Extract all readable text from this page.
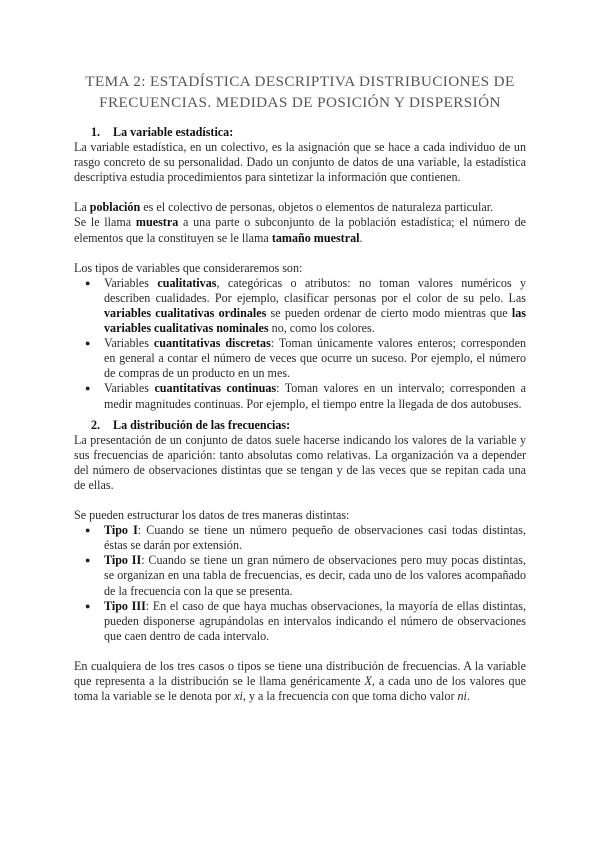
TEMA 2: ESTADÍSTICA DESCRIPTIVA DISTRIBUCIONES DE FRECUENCIAS. MEDIDAS DE POSICIÓN Y DISPERSIÓN
1. La variable estadística:

La variable estadística, en un colectivo, es la asignación que se hace a cada individuo de un rasgo concreto de su personalidad. Dado un conjunto de datos de una variable, la estadística descriptiva estudia procedimientos para sintetizar la información que contienen.

La población es el colectivo de personas, objetos o elementos de naturaleza particular.

Se le llama muestra a una parte o subconjunto de la población estadística; el número de elementos que la constituyen se le llama tamaño muestral.

Los tipos de variables que consideraremos son:

● Variables cualitativas, categóricas o atributos: no toman valores numéricos y describen cualidades. Por ejemplo, clasificar personas por el color de su pelo. Las variables cualitativas ordinales se pueden ordenar de cierto modo mientras que las variables cualitativas nominales no, como los colores.
● Variables cuantitativas discretas: Toman únicamente valores enteros; corresponden en general a contar el número de veces que ocurre un suceso. Por ejemplo, el número de compras de un producto en un mes.
● Variables cuantitativas continuas: Toman valores en un intervalo; corresponden a medir magnitudes continuas. Por ejemplo, el tiempo entre la llegada de dos autobuses.
2. La distribución de las frecuencias:

La presentación de un conjunto de datos suele hacerse indicando los valores de la variable y sus frecuencias de aparición: tanto absolutas como relativas. La organización va a depender del número de observaciones distintas que se tengan y de las veces que se repitan cada una de ellas.

Se pueden estructurar los datos de tres maneras distintas:

● Tipo I: Cuando se tiene un número pequeño de observaciones casi todas distintas, éstas se darán por extensión.
● Tipo II: Cuando se tiene un gran número de observaciones pero muy pocas distintas, se organizan en una tabla de frecuencias, es decir, cada uno de los valores acompañado de la frecuencia con la que se presenta.
● Tipo III: En el caso de que haya muchas observaciones, la mayoría de ellas distintas, pueden disponerse agrupándolas en intervalos indicando el número de observaciones que caen dentro de cada intervalo.

En cualquiera de los tres casos o tipos se tiene una distribución de frecuencias. A la variable que representa a la distribución se le llama genéricamente X, a cada uno de los valores que toma la variable se le denota por xi, y a la frecuencia con que toma dicho valor ni.
